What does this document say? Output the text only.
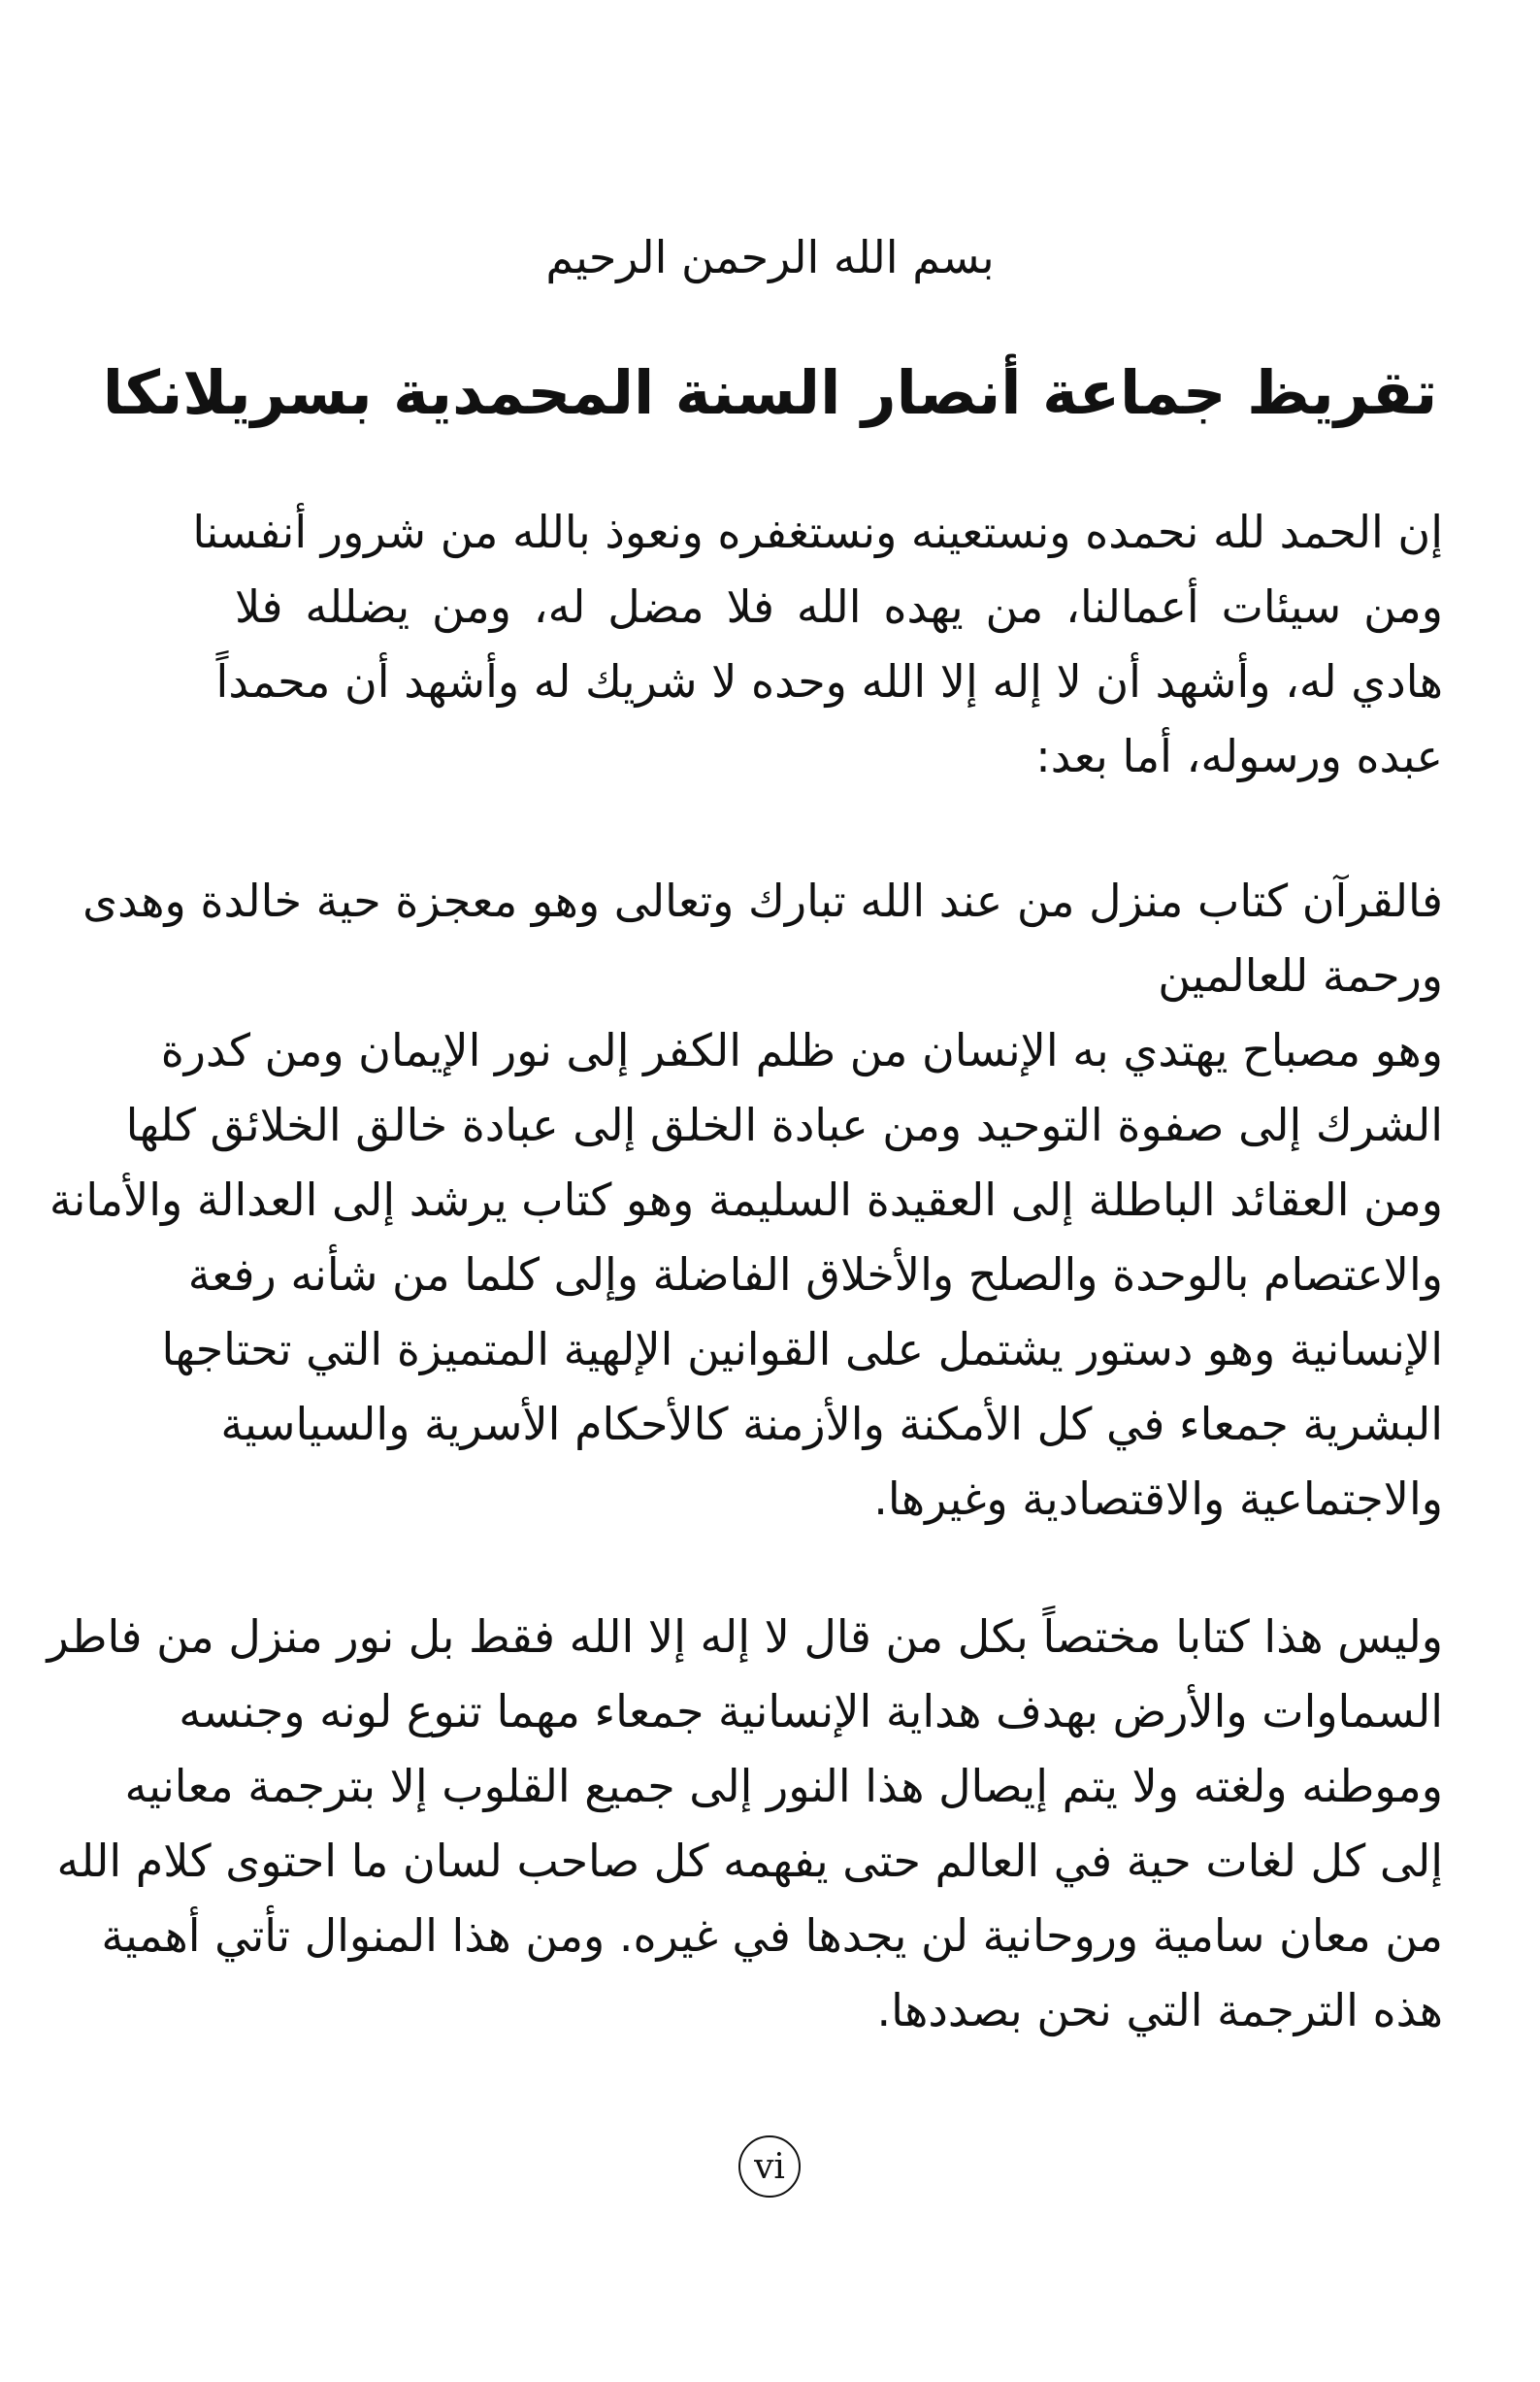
بسم الله الرحمن الرحيم
تقريظ جماعة أنصار السنة المحمدية بسريلانكا

إن الحمد لله نحمده ونستعينه ونستغفره ونعوذ بالله من شرور أنفسنا
ومن سيئات أعمالنا، من يهده الله فلا مضل له، ومن يضلله فلا
هادي له، وأشهد أن لا إله إلا الله وحده لا شريك له وأشهد أن محمداً
عبده ورسوله، أما بعد:

فالقرآن كتاب منزل من عند الله تبارك وتعالى وهو معجزة حية خالدة وهدى
ورحمة للعالمين
وهو مصباح يهتدي به الإنسان من ظلم الكفر إلى نور الإيمان ومن كدرة
الشرك إلى صفوة التوحيد ومن عبادة الخلق إلى عبادة خالق الخلائق كلها
ومن العقائد الباطلة إلى العقيدة السليمة وهو كتاب يرشد إلى العدالة والأمانة
والاعتصام بالوحدة والصلح والأخلاق الفاضلة وإلى كلما من شأنه رفعة
الإنسانية وهو دستور يشتمل على القوانين الإلهية المتميزة التي تحتاجها
البشرية جمعاء في كل الأمكنة والأزمنة كالأحكام الأسرية والسياسية
والاجتماعية والاقتصادية وغيرها.

وليس هذا كتابا مختصاً بكل من قال لا إله إلا الله فقط بل نور منزل من فاطر
السماوات والأرض بهدف هداية الإنسانية جمعاء مهما تنوع لونه وجنسه
وموطنه ولغته ولا يتم إيصال هذا النور إلى جميع القلوب إلا بترجمة معانيه
إلى كل لغات حية في العالم حتى يفهمه كل صاحب لسان ما احتوى كلام الله
من معان سامية وروحانية لن يجدها في غيره. ومن هذا المنوال تأتي أهمية
هذه الترجمة التي نحن بصددها.

vi
